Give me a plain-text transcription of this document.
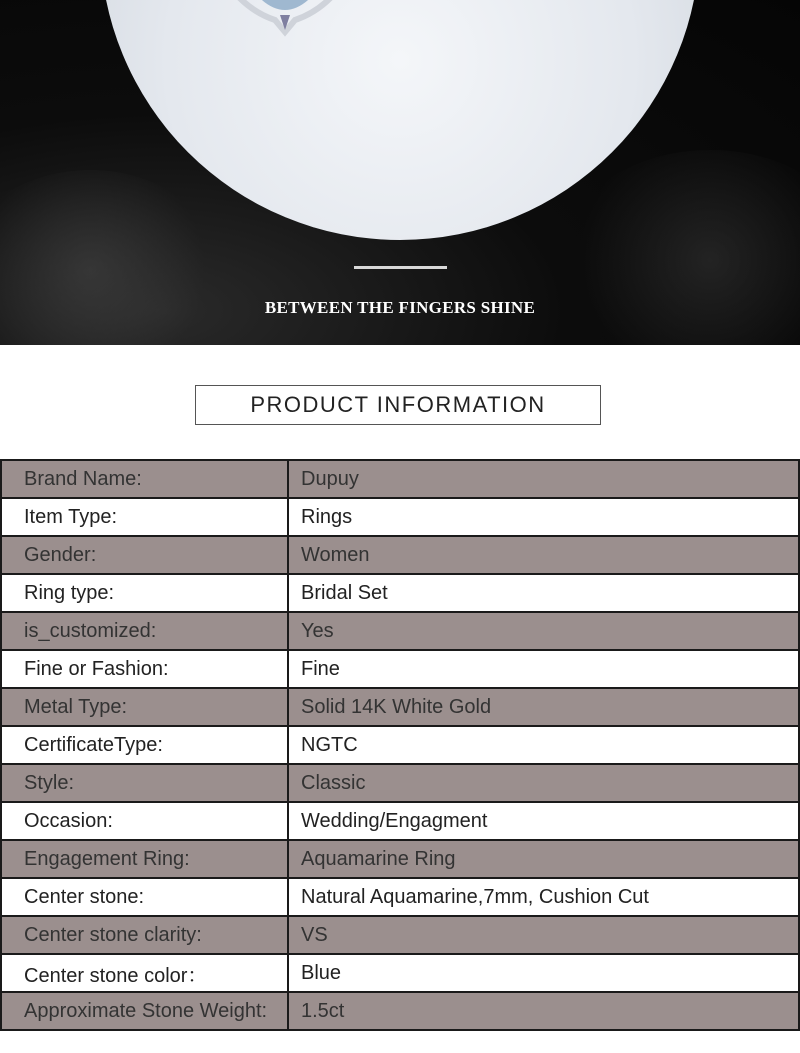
BETWEEN THE FINGERS SHINE
PRODUCT INFORMATION
Brand Name:	Dupuy
Item Type:	Rings
Gender:	Women
Ring type:	Bridal Set
is_customized:	Yes
Fine or Fashion:	Fine
Metal Type:	Solid 14K White Gold
CertificateType:	NGTC
Style:	Classic
Occasion:	Wedding/Engagment
Engagement Ring:	Aquamarine Ring
Center stone:	Natural Aquamarine,7mm, Cushion Cut
Center stone clarity:	VS
Center stone color：	Blue
Approximate Stone Weight:	1.5ct
